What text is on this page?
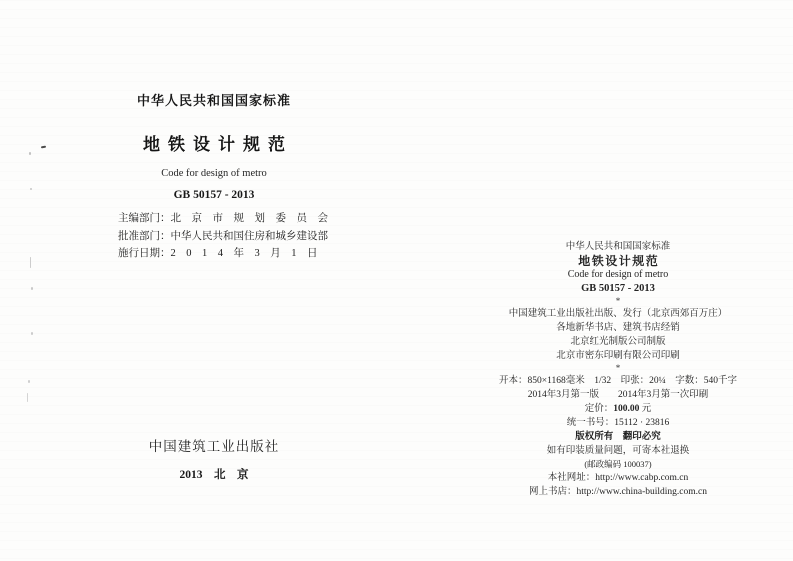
中华人民共和国国家标准
地铁设计规范
Code for design of metro
GB 50157 - 2013
主编部门：北　京　市　规　划　委　员　会
批准部门：中华人民共和国住房和城乡建设部
施行日期：2　0　1　4　年　3　月　1　日
中国建筑工业出版社
2013　北　京
中华人民共和国国家标准
地铁设计规范
Code for design of metro
GB 50157 - 2013
*
中国建筑工业出版社出版、发行（北京西郊百万庄）
各地新华书店、建筑书店经销
北京红光制版公司制版
北京市密东印刷有限公司印刷
*
开本：850×1168毫米　1/32　印张：20¼　字数：540千字
2014年3月第一版　　2014年3月第一次印刷
定价：100.00 元
统一书号：15112 · 23816
版权所有　翻印必究
如有印装质量问题，可寄本社退换
(邮政编码 100037)
本社网址：http://www.cabp.com.cn
网上书店：http://www.china-building.com.cn
